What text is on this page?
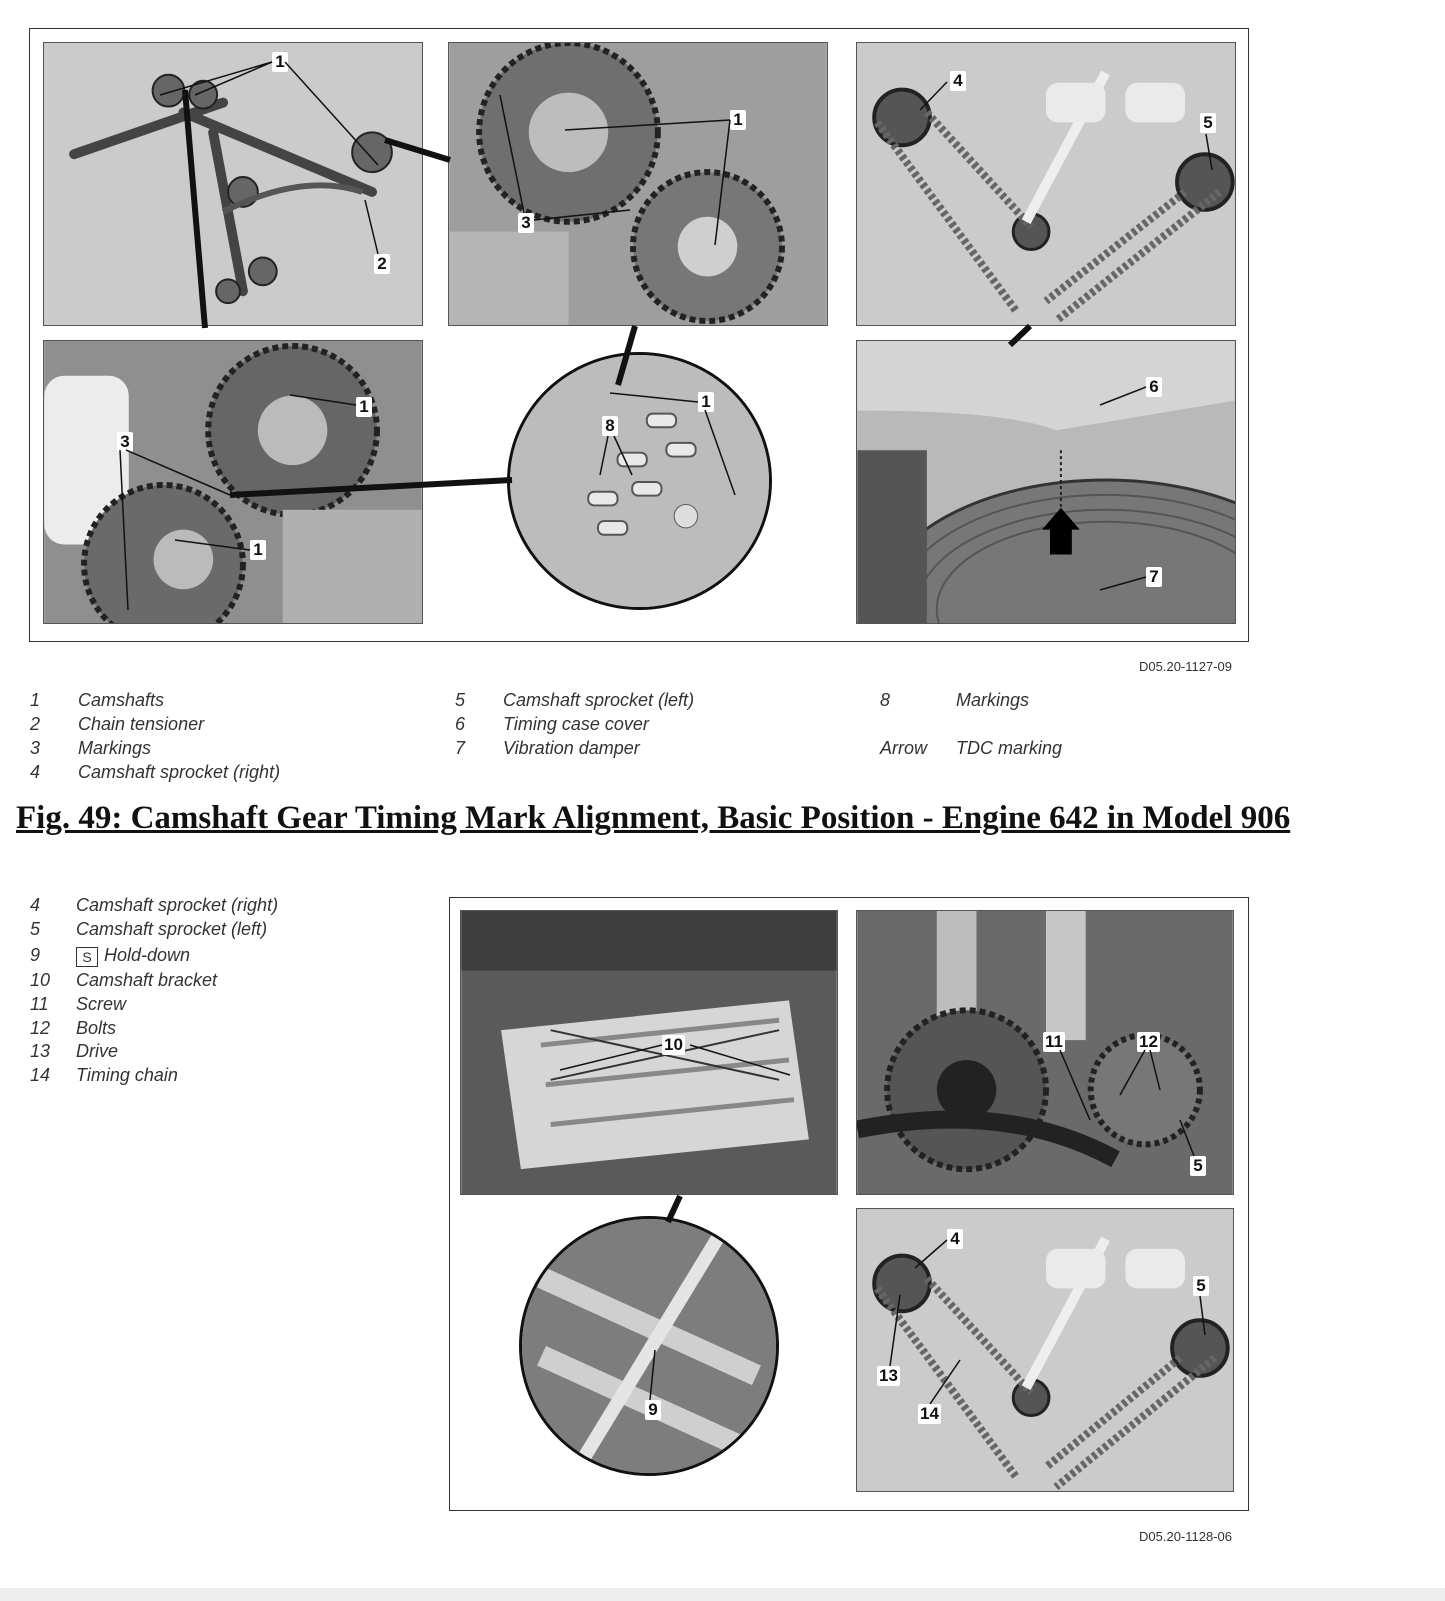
1
2
1
3
4
5
1
3
1
1
8
6
7
D05.20-1127-09
1 Camshafts
2 Chain tensioner
3 Markings
4 Camshaft sprocket (right)
5 Camshaft sprocket (left)
6 Timing case cover
7 Vibration damper
8	Markings
Arrow TDC marking
Fig. 49: Camshaft Gear Timing Mark Alignment, Basic Position - Engine 642 in Model 906
4 Camshaft sprocket (right)
5 Camshaft sprocket (left)
9	S Hold-down
10 Camshaft bracket
11 Screw
12 Bolts
13 Drive
14 Timing chain
10	11	12
5
9
4
5
13
14
D05.20-1128-06
